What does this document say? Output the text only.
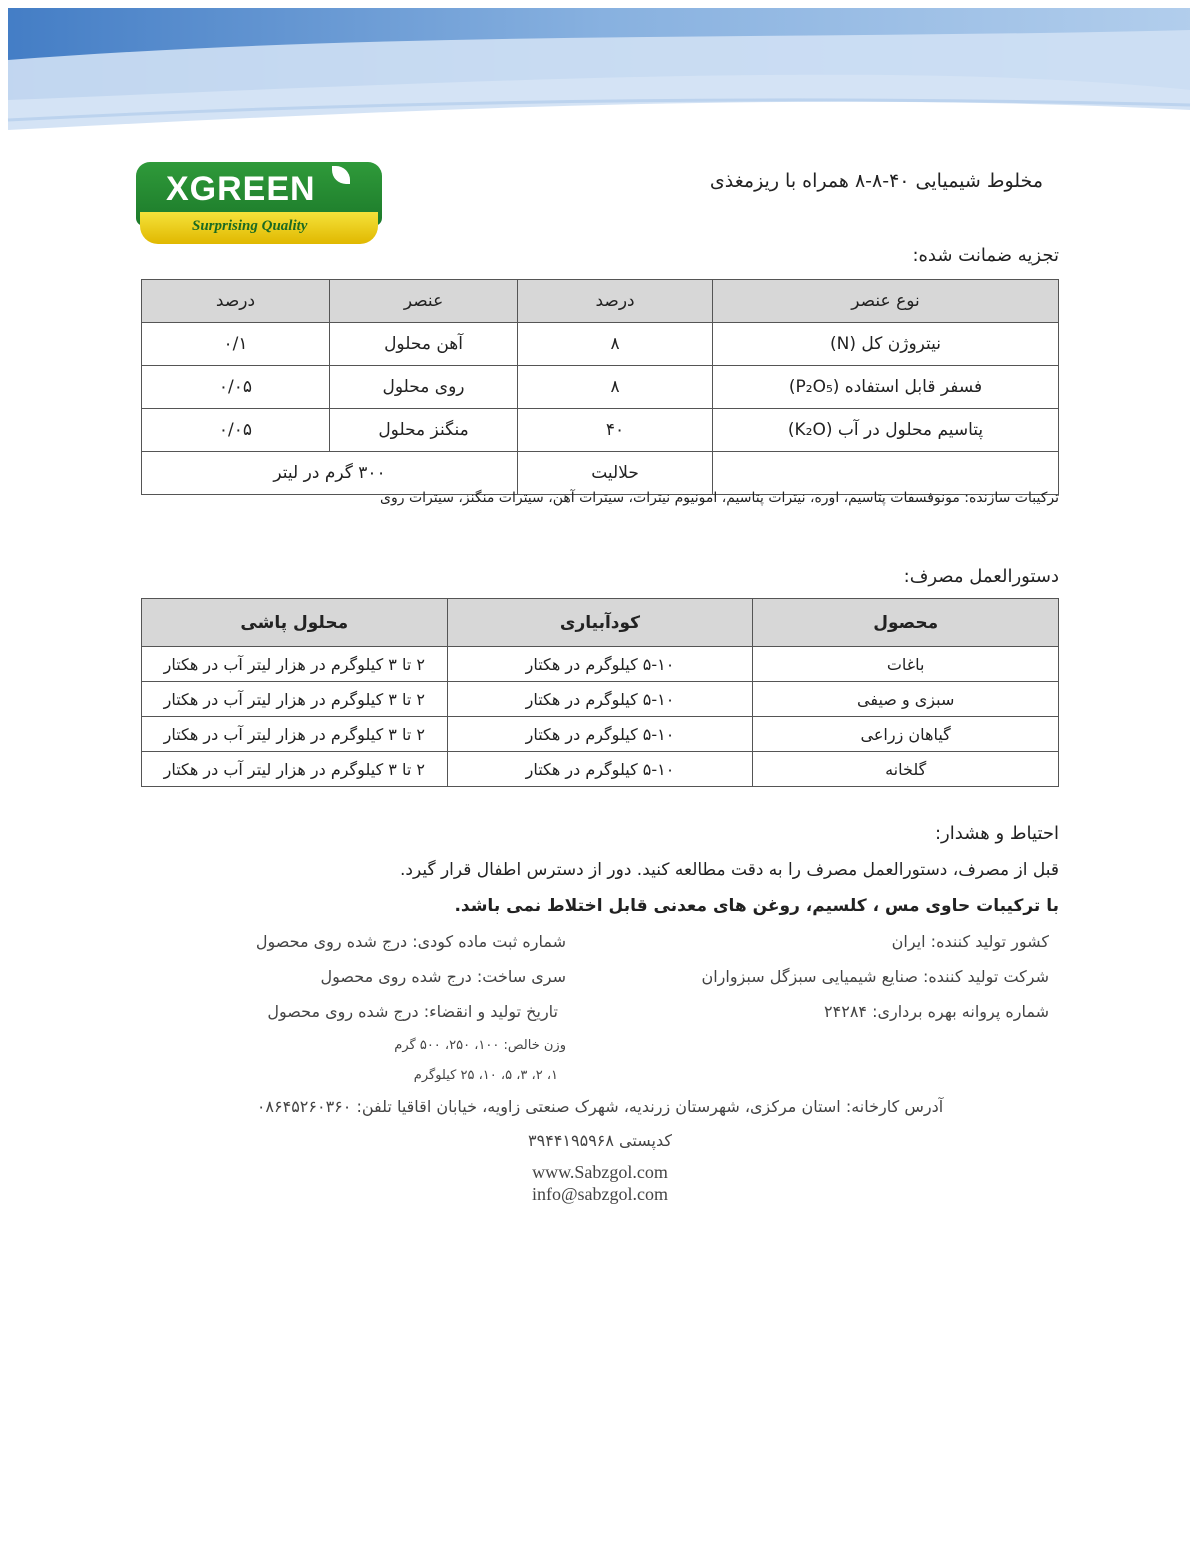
XGREEN
Surprising Quality
مخلوط شیمیایی ۴۰-۸-۸ همراه با ریزمغذی
تجزیه ضمانت شده:
نوع عنصر	درصد	عنصر	درصد
نیتروژن کل (N)	۸	آهن محلول	۰/۱
فسفر قابل استفاده (P₂O₅)	۸	روی محلول	۰/۰۵
پتاسیم محلول در آب (K₂O)	۴۰	منگنز محلول	۰/۰۵
	حلالیت	۳۰۰ گرم در لیتر	
ترکیبات سازنده: مونوفسفات پتاسیم، اوره، نیترات پتاسیم، امونیوم نیترات، سیترات آهن، سیترات منگنز، سیترات روی
دستورالعمل مصرف:
محصول	کودآبیاری	محلول پاشی
باغات	۵-۱۰ کیلوگرم در هکتار	۲ تا ۳ کیلوگرم در هزار لیتر آب در هکتار
سبزی و صیفی	۵-۱۰ کیلوگرم در هکتار	۲ تا ۳ کیلوگرم در هزار لیتر آب در هکتار
گیاهان زراعی	۵-۱۰ کیلوگرم در هکتار	۲ تا ۳ کیلوگرم در هزار لیتر آب در هکتار
گلخانه	۵-۱۰ کیلوگرم در هکتار	۲ تا ۳ کیلوگرم در هزار لیتر آب در هکتار
احتیاط و هشدار:
قبل از مصرف، دستورالعمل مصرف را به دقت مطالعه کنید. دور از دسترس اطفال قرار گیرد.
با ترکیبات حاوی مس ، کلسیم، روغن های معدنی قابل اختلاط نمی باشد.
کشور تولید کننده: ایران
شرکت تولید کننده: صنایع شیمیایی سبزگل سبزواران
شماره پروانه بهره برداری: ۲۴۲۸۴
شماره ثبت ماده کودی: درج شده روی محصول
سری ساخت: درج شده روی محصول
تاریخ تولید و انقضاء: درج شده روی محصول
وزن خالص: ۱۰۰، ۲۵۰، ۵۰۰ گرم
۱، ۲، ۳، ۵، ۱۰، ۲۵ کیلوگرم
آدرس کارخانه: استان مرکزی، شهرستان زرندیه، شهرک صنعتی زاویه، خیابان اقاقیا تلفن: ۰۸۶۴۵۲۶۰۳۶۰
کدپستی ۳۹۴۴۱۹۵۹۶۸
www.Sabzgol.com
info@sabzgol.com
